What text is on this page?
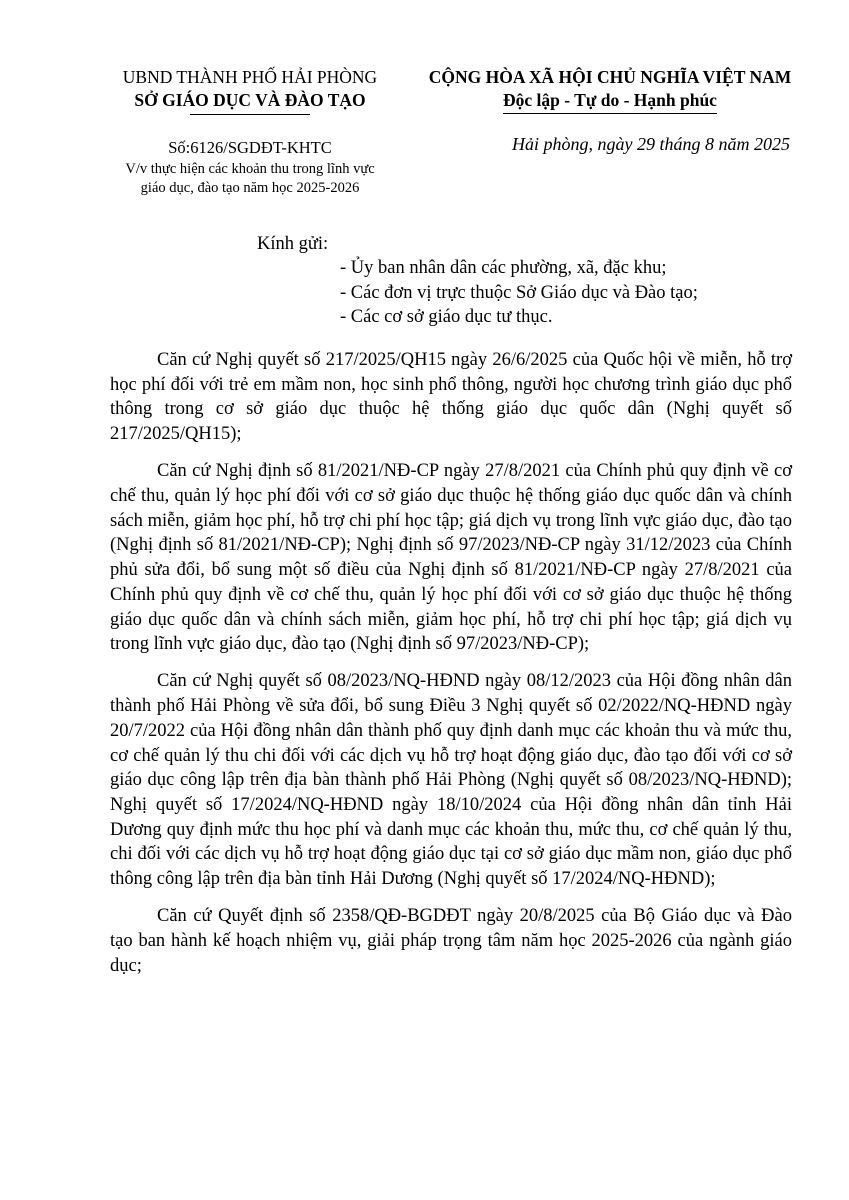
UBND THÀNH PHỐ HẢI PHÒNG
SỞ GIÁO DỤC VÀ ĐÀO TẠO
CỘNG HÒA XÃ HỘI CHỦ NGHĨA VIỆT NAM
Độc lập - Tự do - Hạnh phúc
Số:6126/SGDĐT-KHTC
V/v thực hiện các khoản thu trong lĩnh vực
giáo dục, đào tạo năm học 2025-2026
Hải phòng, ngày 29 tháng 8 năm 2025
Kính gửi:
- Ủy ban nhân dân các phường, xã, đặc khu;
- Các đơn vị trực thuộc Sở Giáo dục và Đào tạo;
- Các cơ sở giáo dục tư thục.

Căn cứ Nghị quyết số 217/2025/QH15 ngày 26/6/2025 của Quốc hội về miễn, hỗ trợ học phí đối với trẻ em mầm non, học sinh phổ thông, người học chương trình giáo dục phổ thông trong cơ sở giáo dục thuộc hệ thống giáo dục quốc dân (Nghị quyết số 217/2025/QH15);

Căn cứ Nghị định số 81/2021/NĐ-CP ngày 27/8/2021 của Chính phủ quy định về cơ chế thu, quản lý học phí đối với cơ sở giáo dục thuộc hệ thống giáo dục quốc dân và chính sách miễn, giảm học phí, hỗ trợ chi phí học tập; giá dịch vụ trong lĩnh vực giáo dục, đào tạo (Nghị định số 81/2021/NĐ-CP); Nghị định số 97/2023/NĐ-CP ngày 31/12/2023 của Chính phủ sửa đổi, bổ sung một số điều của Nghị định số 81/2021/NĐ-CP ngày 27/8/2021 của Chính phủ quy định về cơ chế thu, quản lý học phí đối với cơ sở giáo dục thuộc hệ thống giáo dục quốc dân và chính sách miễn, giảm học phí, hỗ trợ chi phí học tập; giá dịch vụ trong lĩnh vực giáo dục, đào tạo (Nghị định số 97/2023/NĐ-CP);

Căn cứ Nghị quyết số 08/2023/NQ-HĐND ngày 08/12/2023 của Hội đồng nhân dân thành phố Hải Phòng về sửa đổi, bổ sung Điều 3 Nghị quyết số 02/2022/NQ-HĐND ngày 20/7/2022 của Hội đồng nhân dân thành phố quy định danh mục các khoản thu và mức thu, cơ chế quản lý thu chi đối với các dịch vụ hỗ trợ hoạt động giáo dục, đào tạo đối với cơ sở giáo dục công lập trên địa bàn thành phố Hải Phòng (Nghị quyết số 08/2023/NQ-HĐND); Nghị quyết số 17/2024/NQ-HĐND ngày 18/10/2024 của Hội đồng nhân dân tỉnh Hải Dương quy định mức thu học phí và danh mục các khoản thu, mức thu, cơ chế quản lý thu, chi đối với các dịch vụ hỗ trợ hoạt động giáo dục tại cơ sở giáo dục mầm non, giáo dục phổ thông công lập trên địa bàn tỉnh Hải Dương (Nghị quyết số 17/2024/NQ-HĐND);

Căn cứ Quyết định số 2358/QĐ-BGDĐT ngày 20/8/2025 của Bộ Giáo dục và Đào tạo ban hành kế hoạch nhiệm vụ, giải pháp trọng tâm năm học 2025-2026 của ngành giáo dục;
